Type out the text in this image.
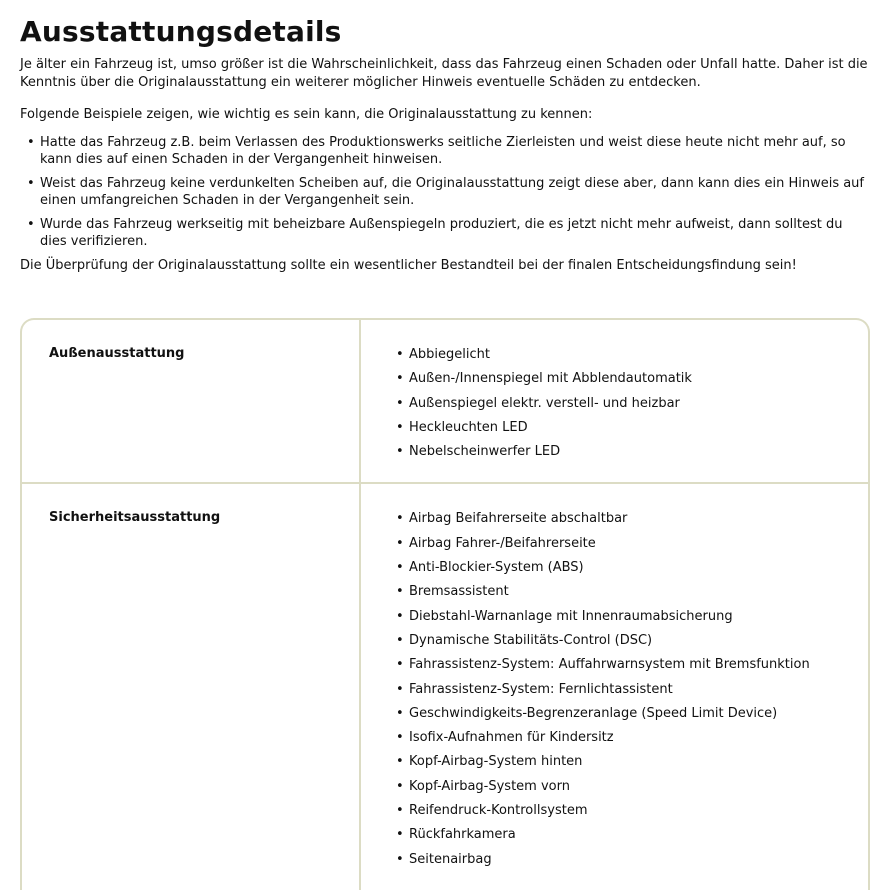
Ausstattungsdetails

Je älter ein Fahrzeug ist, umso größer ist die Wahrscheinlichkeit, dass das Fahrzeug einen Schaden oder Unfall hatte. Daher ist die Kenntnis über die Originalausstattung ein weiterer möglicher Hinweis eventuelle Schäden zu entdecken.

Folgende Beispiele zeigen, wie wichtig es sein kann, die Originalausstattung zu kennen:

• Hatte das Fahrzeug z.B. beim Verlassen des Produktionswerks seitliche Zierleisten und weist diese heute nicht mehr auf, so kann dies auf einen Schaden in der Vergangenheit hinweisen.
• Weist das Fahrzeug keine verdunkelten Scheiben auf, die Originalausstattung zeigt diese aber, dann kann dies ein Hinweis auf einen umfangreichen Schaden in der Vergangenheit sein.
• Wurde das Fahrzeug werkseitig mit beheizbare Außenspiegeln produziert, die es jetzt nicht mehr aufweist, dann solltest du dies verifizieren.

Die Überprüfung der Originalausstattung sollte ein wesentlicher Bestandteil bei der finalen Entscheidungsfindung sein!

Außenausstattung	• Abbiegelicht
• Außen-/Innenspiegel mit Abblendautomatik
• Außenspiegel elektr. verstell- und heizbar
• Heckleuchten LED
• Nebelscheinwerfer LED
Sicherheitsausstattung	• Airbag Beifahrerseite abschaltbar
• Airbag Fahrer-/Beifahrerseite
• Anti-Blockier-System (ABS)
• Bremsassistent
• Diebstahl-Warnanlage mit Innenraumabsicherung
• Dynamische Stabilitäts-Control (DSC)
• Fahrassistenz-System: Auffahrwarnsystem mit Bremsfunktion
• Fahrassistenz-System: Fernlichtassistent
• Geschwindigkeits-Begrenzeranlage (Speed Limit Device)
• Isofix-Aufnahmen für Kindersitz
• Kopf-Airbag-System hinten
• Kopf-Airbag-System vorn
• Reifendruck-Kontrollsystem
• Rückfahrkamera
• Seitenairbag
